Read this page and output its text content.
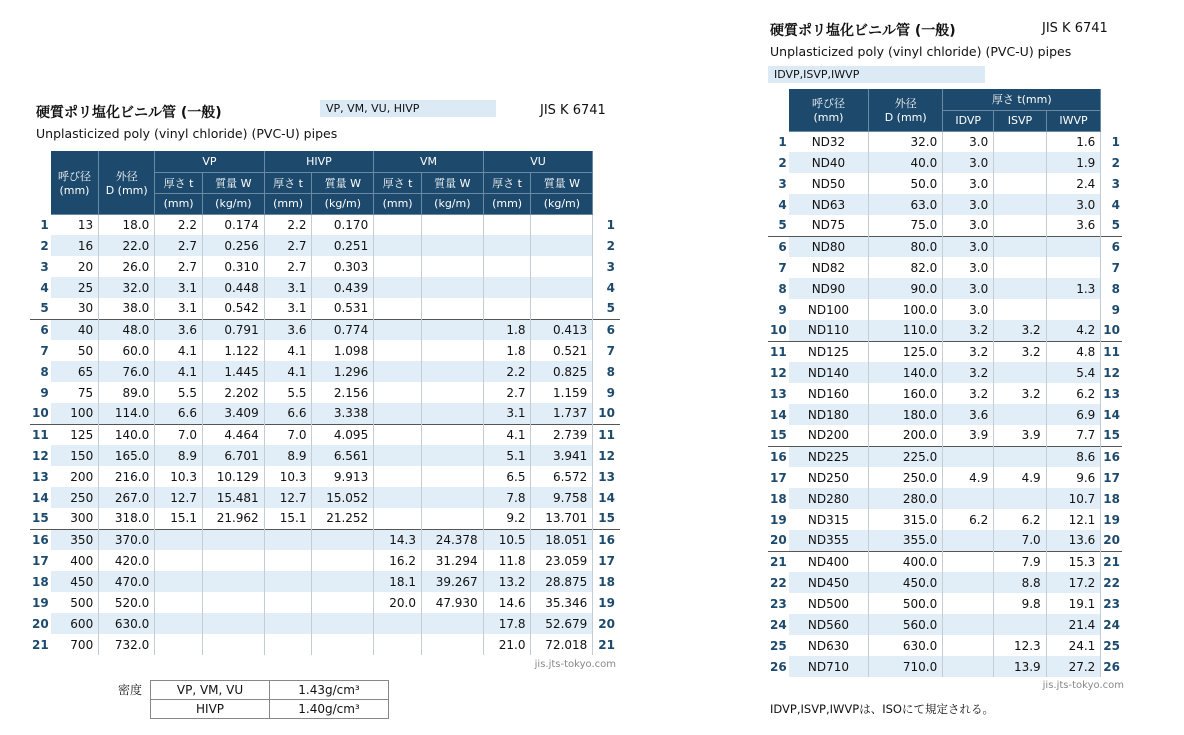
硬質ポリ塩化ビニル管 (一般)	VP, VM, VU, HIVP	JIS K 6741
Unplasticized poly (vinyl chloride) (PVC-U) pipes
	呼び径
(mm)	外径
D (mm)	VP		HIVP		VM		VU		
			厚さ t	質量 W	厚さ t	質量 W	厚さ t	質量 W	厚さ t	質量 W	
			(mm)	(kg/m)	(mm)	(kg/m)	(mm)	(kg/m)	(mm)	(kg/m)	
1	13	18.0	2.2	0.174	2.2	0.170					1
2	16	22.0	2.7	0.256	2.7	0.251					2
3	20	26.0	2.7	0.310	2.7	0.303					3
4	25	32.0	3.1	0.448	3.1	0.439					4
5	30	38.0	3.1	0.542	3.1	0.531					5
6	40	48.0	3.6	0.791	3.6	0.774			1.8	0.413	6
7	50	60.0	4.1	1.122	4.1	1.098			1.8	0.521	7
8	65	76.0	4.1	1.445	4.1	1.296			2.2	0.825	8
9	75	89.0	5.5	2.202	5.5	2.156			2.7	1.159	9
10	100	114.0	6.6	3.409	6.6	3.338			3.1	1.737	10
11	125	140.0	7.0	4.464	7.0	4.095			4.1	2.739	11
12	150	165.0	8.9	6.701	8.9	6.561			5.1	3.941	12
13	200	216.0	10.3	10.129	10.3	9.913			6.5	6.572	13
14	250	267.0	12.7	15.481	12.7	15.052			7.8	9.758	14
15	300	318.0	15.1	21.962	15.1	21.252			9.2	13.701	15
16	350	370.0					14.3	24.378	10.5	18.051	16
17	400	420.0					16.2	31.294	11.8	23.059	17
18	450	470.0					18.1	39.267	13.2	28.875	18
19	500	520.0					20.0	47.930	14.6	35.346	19
20	600	630.0							17.8	52.679	20
21	700	732.0							21.0	72.018	21
jis.jts-tokyo.com
密度	VP, VM, VU	1.43g/cm³
	HIVP	1.40g/cm³
硬質ポリ塩化ビニル管 (一般)	JIS K 6741
Unplasticized poly (vinyl chloride) (PVC-U) pipes
IDVP,ISVP,IWVP
	呼び径
(mm)	外径
D (mm)	厚さ t(mm)			
			IDVP	ISVP	IWVP	
1	ND32	32.0	3.0		1.6	1
2	ND40	40.0	3.0		1.9	2
3	ND50	50.0	3.0		2.4	3
4	ND63	63.0	3.0		3.0	4
5	ND75	75.0	3.0		3.6	5
6	ND80	80.0	3.0			6
7	ND82	82.0	3.0			7
8	ND90	90.0	3.0		1.3	8
9	ND100	100.0	3.0			9
10	ND110	110.0	3.2	3.2	4.2	10
11	ND125	125.0	3.2	3.2	4.8	11
12	ND140	140.0	3.2		5.4	12
13	ND160	160.0	3.2	3.2	6.2	13
14	ND180	180.0	3.6		6.9	14
15	ND200	200.0	3.9	3.9	7.7	15
16	ND225	225.0			8.6	16
17	ND250	250.0	4.9	4.9	9.6	17
18	ND280	280.0			10.7	18
19	ND315	315.0	6.2	6.2	12.1	19
20	ND355	355.0		7.0	13.6	20
21	ND400	400.0		7.9	15.3	21
22	ND450	450.0		8.8	17.2	22
23	ND500	500.0		9.8	19.1	23
24	ND560	560.0			21.4	24
25	ND630	630.0		12.3	24.1	25
26	ND710	710.0		13.9	27.2	26
jis.jts-tokyo.com
IDVP,ISVP,IWVPは、ISOにて規定される。
